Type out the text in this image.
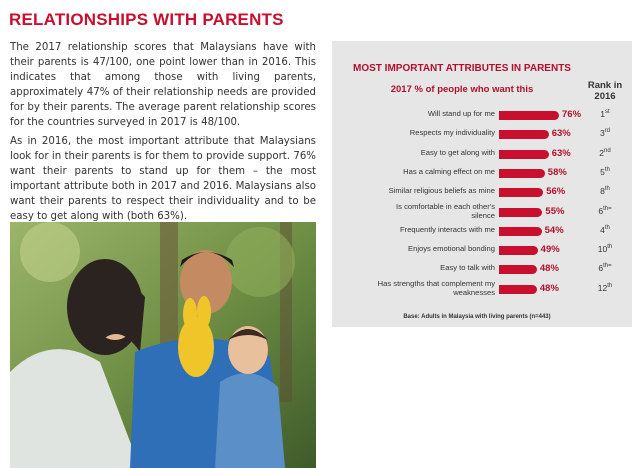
RELATIONSHIPS WITH PARENTS
The 2017 relationship scores that Malaysians have with their parents is 47/100, one point lower than in 2016. This indicates that among those with living parents, approximately 47% of their relationship needs are provided for by their parents. The average parent relationship scores for the countries surveyed in 2017 is 48/100.
As in 2016, the most important attribute that Malaysians look for in their parents is for them to provide support. 76% want their parents to stand up for them – the most important attribute both in 2017 and 2016. Malaysians also want their parents to respect their individuality and to be easy to get along with (both 63%).
MOST IMPORTANT ATTRIBUTES IN PARENTS
2017 % of people who want this	Rank in 2016
Will stand up for me	76%	1st
Respects my individuality	63%	3rd
Easy to get along with	63%	2nd
Has a calming effect on me	58%	5th
Similar religious beliefs as mine	56%	8th
Is comfortable in each other's silence	55%	$6^{th=}$
Frequently interacts with me	54%	4th
Enjoys emotional bonding	49%	10th
Easy to talk with	48%	$6^{th=}$
Has strengths that complement my weaknesses	48%	12th
Base: Adults in Malaysia with living parents (n=443)
